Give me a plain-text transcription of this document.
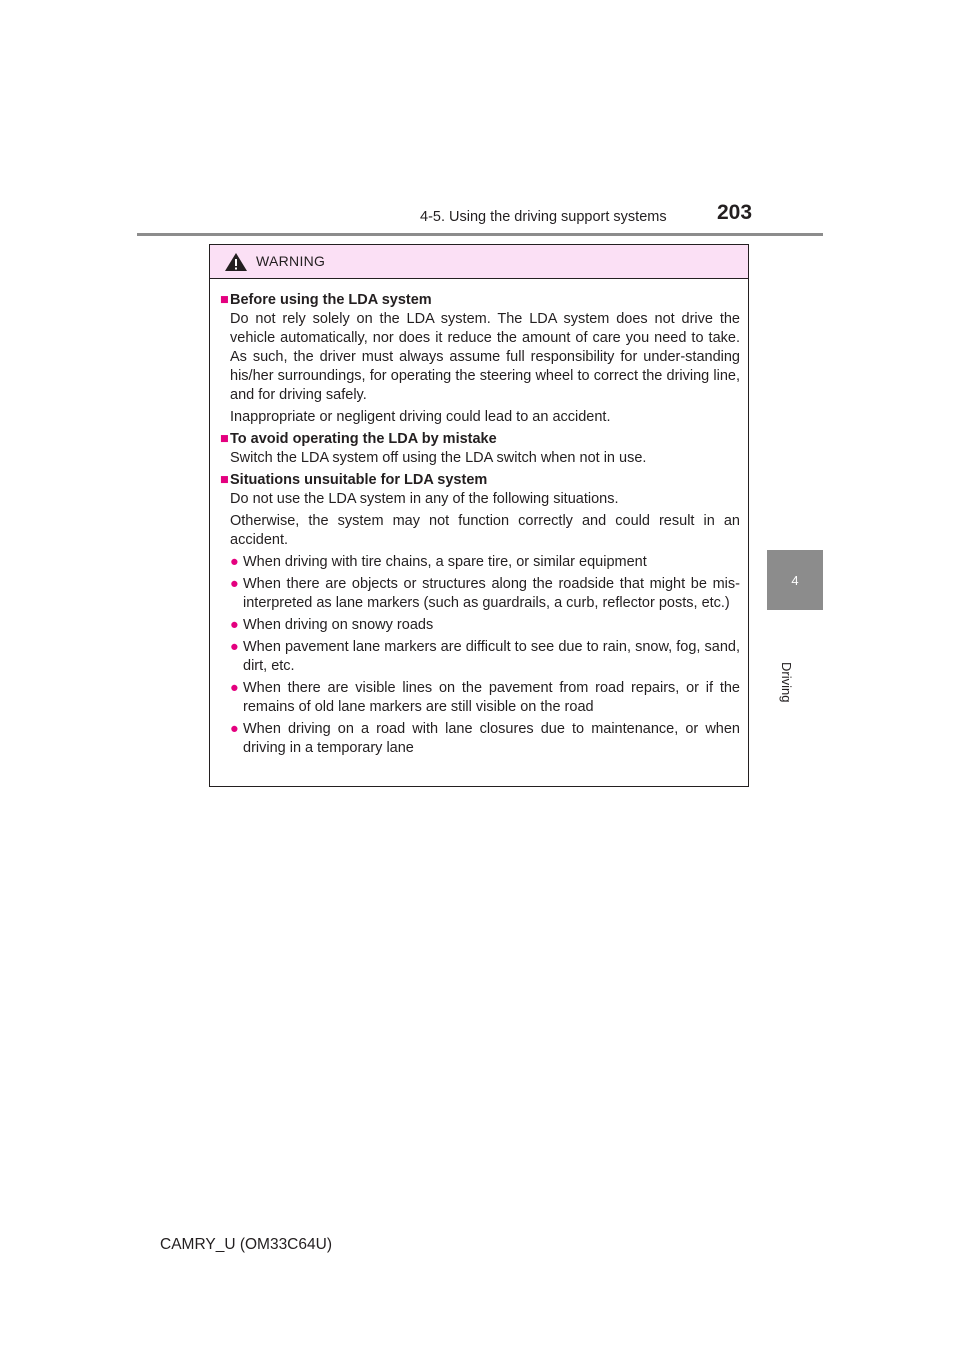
4-5. Using the driving support systems 203
4
Driving
WARNING
■ Before using the LDA system
Do not rely solely on the LDA system. The LDA system does not drive the vehicle automatically, nor does it reduce the amount of care you need to take. As such, the driver must always assume full responsibility for under-standing his/her surroundings, for operating the steering wheel to correct the driving line, and for driving safely.
Inappropriate or negligent driving could lead to an accident.
■ To avoid operating the LDA by mistake
Switch the LDA system off using the LDA switch when not in use.
■ Situations unsuitable for LDA system
Do not use the LDA system in any of the following situations.
Otherwise, the system may not function correctly and could result in an accident.
● When driving with tire chains, a spare tire, or similar equipment
● When there are objects or structures along the roadside that might be mis-interpreted as lane markers (such as guardrails, a curb, reflector posts, etc.)
● When driving on snowy roads
● When pavement lane markers are difficult to see due to rain, snow, fog, sand, dirt, etc.
● When there are visible lines on the pavement from road repairs, or if the remains of old lane markers are still visible on the road
● When driving on a road with lane closures due to maintenance, or when driving in a temporary lane
CAMRY_U (OM33C64U)
